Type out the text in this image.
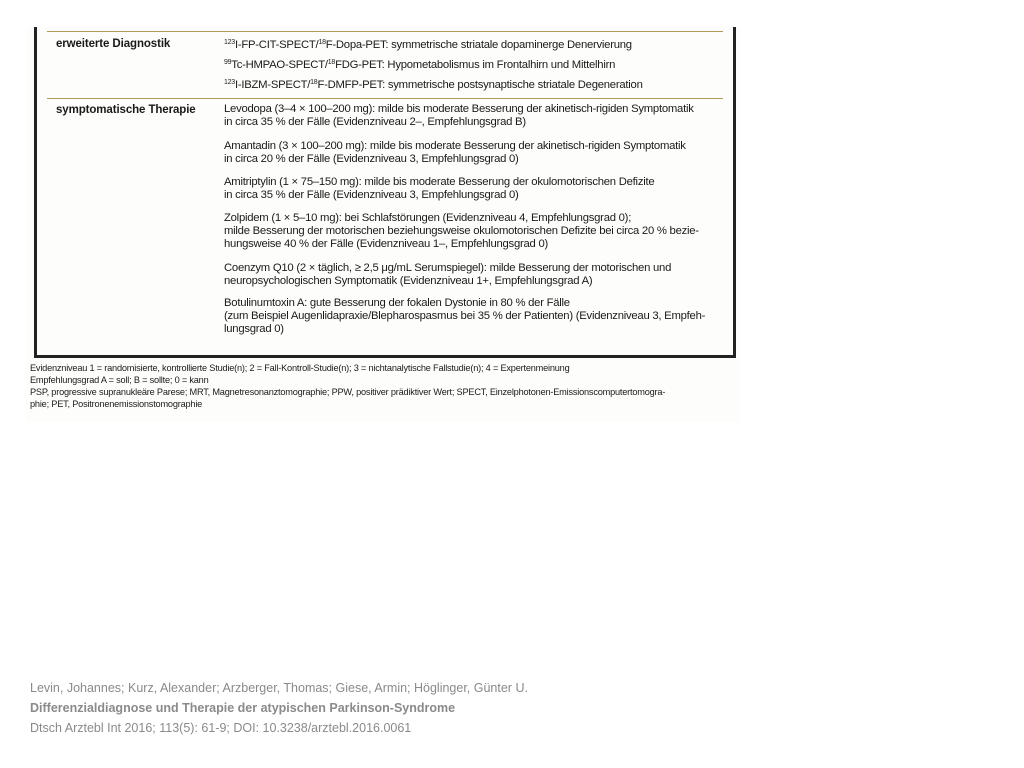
erweiterte Diagnostik	$^{123}$I-FP-CIT-SPECT/$^{18}$F-Dopa-PET: symmetrische striatale dopaminerge Denervierung
$^{99}$Tc-HMPAO-SPECT/$^{18}$FDG-PET: Hypometabolismus im Frontalhirn und Mittelhirn
$^{123}$I-IBZM-SPECT/$^{18}$F-DMFP-PET: symmetrische postsynaptische striatale Degeneration
symptomatische Therapie	Levodopa (3–4 × 100–200 mg): milde bis moderate Besserung der akinetisch-rigiden Symptomatik
in circa 35 % der Fälle (Evidenzniveau 2–, Empfehlungsgrad B)
Amantadin (3 × 100–200 mg): milde bis moderate Besserung der akinetisch-rigiden Symptomatik
in circa 20 % der Fälle (Evidenzniveau 3, Empfehlungsgrad 0)
Amitriptylin (1 × 75–150 mg): milde bis moderate Besserung der okulomotorischen Defizite
in circa 35 % der Fälle (Evidenzniveau 3, Empfehlungsgrad 0)
Zolpidem (1 × 5–10 mg): bei Schlafstörungen (Evidenzniveau 4, Empfehlungsgrad 0);
milde Besserung der motorischen beziehungsweise okulomotorischen Defizite bei circa 20 % bezie-
hungsweise 40 % der Fälle (Evidenzniveau 1–, Empfehlungsgrad 0)
Coenzym Q10 (2 × täglich, ≥ 2,5 μg/mL Serumspiegel): milde Besserung der motorischen und
neuropsychologischen Symptomatik (Evidenzniveau 1+, Empfehlungsgrad A)
Botulinumtoxin A: gute Besserung der fokalen Dystonie in 80 % der Fälle
(zum Beispiel Augenlidapraxie/Blepharospasmus bei 35 % der Patienten) (Evidenzniveau 3, Empfeh-
lungsgrad 0)
Evidenzniveau 1 = randomisierte, kontrollierte Studie(n); 2 = Fall-Kontroll-Studie(n); 3 = nichtanalytische Fallstudie(n); 4 = Expertenmeinung
Empfehlungsgrad A = soll; B = sollte; 0 = kann
PSP, progressive supranukleäre Parese; MRT, Magnetresonanztomographie; PPW, positiver prädiktiver Wert; SPECT, Einzelphotonen-Emissionscomputertomogra-
phie; PET, Positronenemissionstomographie
Levin, Johannes; Kurz, Alexander; Arzberger, Thomas; Giese, Armin; Höglinger, Günter U.
Differenzialdiagnose und Therapie der atypischen Parkinson-Syndrome
Dtsch Arztebl Int 2016; 113(5): 61-9; DOI: 10.3238/arztebl.2016.0061
